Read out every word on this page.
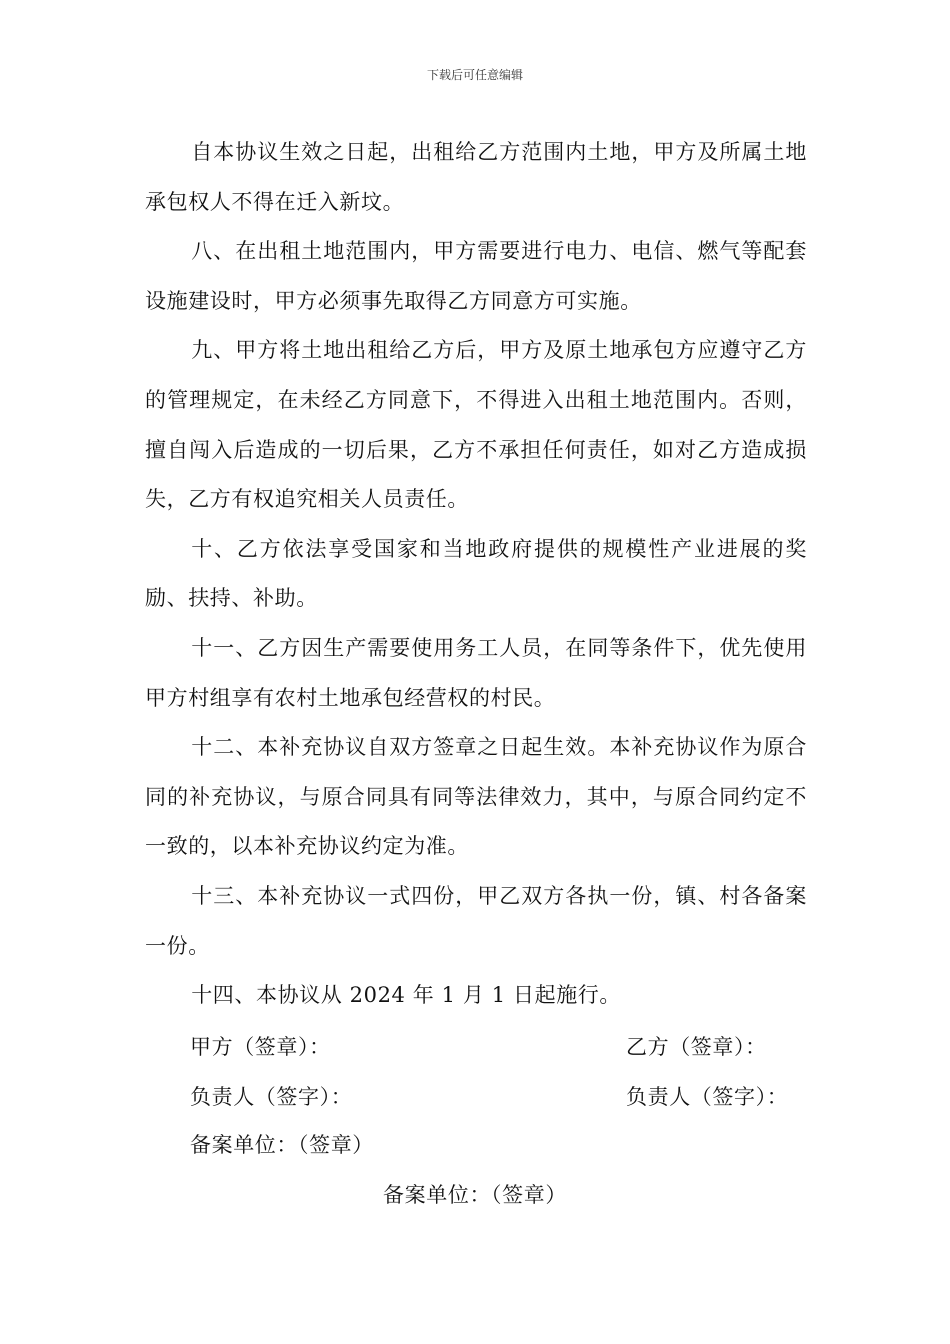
下载后可任意编辑

自本协议生效之日起，出租给乙方范围内土地，甲方及所属土地承包权人不得在迁入新坟。

八、在出租土地范围内，甲方需要进行电力、电信、燃气等配套设施建设时，甲方必须事先取得乙方同意方可实施。

九、甲方将土地出租给乙方后，甲方及原土地承包方应遵守乙方的管理规定，在未经乙方同意下，不得进入出租土地范围内。否则，擅自闯入后造成的一切后果，乙方不承担任何责任，如对乙方造成损失，乙方有权追究相关人员责任。

十、乙方依法享受国家和当地政府提供的规模性产业进展的奖励、扶持、补助。

十一、乙方因生产需要使用务工人员，在同等条件下，优先使用甲方村组享有农村土地承包经营权的村民。

十二、本补充协议自双方签章之日起生效。本补充协议作为原合同的补充协议，与原合同具有同等法律效力，其中，与原合同约定不一致的，以本补充协议约定为准。

十三、本补充协议一式四份，甲乙双方各执一份，镇、村各备案一份。

十四、本协议从 2024 年 1 月 1 日起施行。

甲方（签章）：	乙方（签章）：
负责人（签字）：	负责人（签字）：
备案单位：（签章）
备案单位：（签章）
